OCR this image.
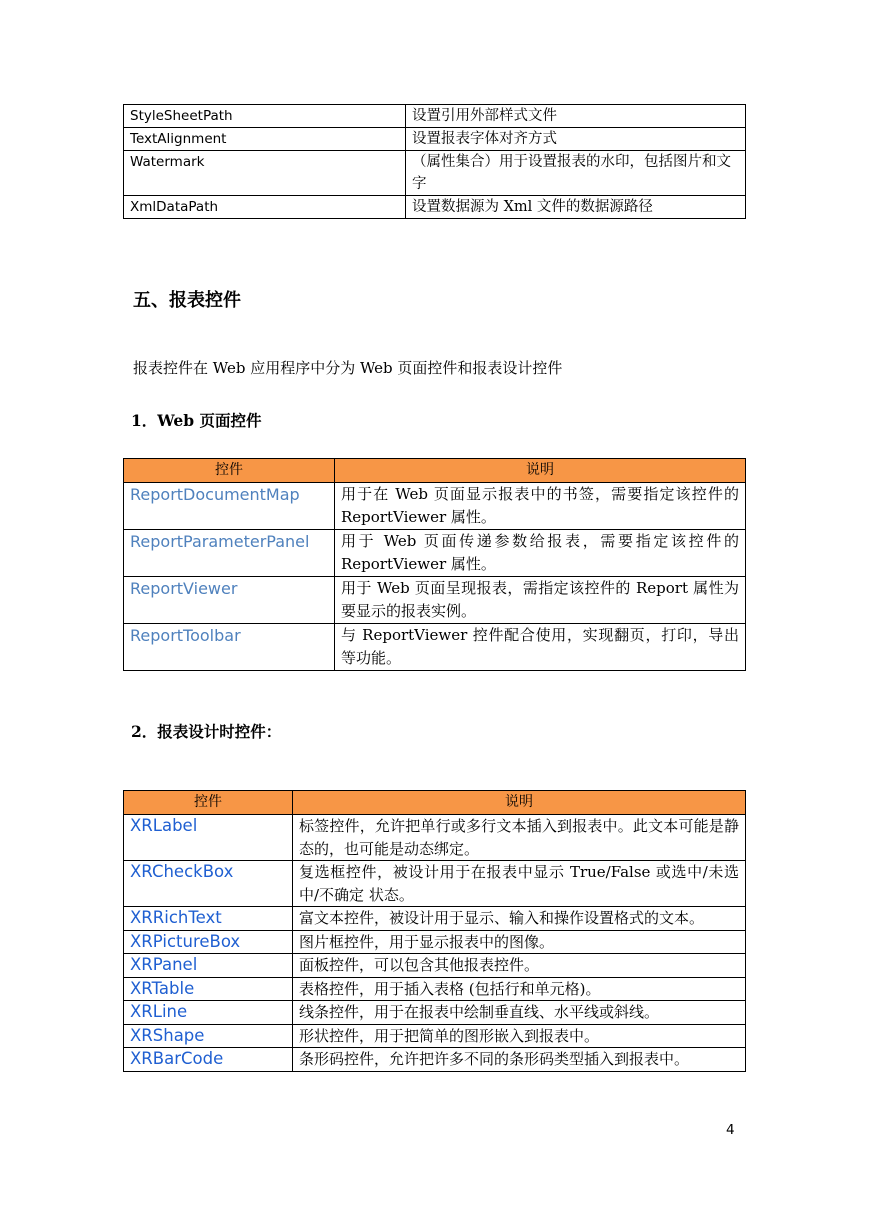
StyleSheetPath	设置引用外部样式文件
TextAlignment	设置报表字体对齐方式
Watermark	（属性集合）用于设置报表的水印，包括图片和文字
XmlDataPath	设置数据源为 Xml 文件的数据源路径
五、报表控件
报表控件在 Web 应用程序中分为 Web 页面控件和报表设计控件
1．Web 页面控件
控件	说明
ReportDocumentMap	用于在 Web 页面显示报表中的书签，需要指定该控件的 ReportViewer 属性。
ReportParameterPanel	用于 Web 页面传递参数给报表，需要指定该控件的 ReportViewer 属性。
ReportViewer	用于 Web 页面呈现报表，需指定该控件的 Report 属性为要显示的报表实例。
ReportToolbar	与 ReportViewer 控件配合使用，实现翻页，打印，导出等功能。
2．报表设计时控件：
控件	说明
XRLabel	标签控件，允许把单行或多行文本插入到报表中。此文本可能是静态的，也可能是动态绑定。
XRCheckBox	复选框控件，被设计用于在报表中显示 True/False 或选中/未选中/不确定 状态。
XRRichText	富文本控件，被设计用于显示、输入和操作设置格式的文本。
XRPictureBox	图片框控件，用于显示报表中的图像。
XRPanel	面板控件，可以包含其他报表控件。
XRTable	表格控件，用于插入表格 (包括行和单元格)。
XRLine	线条控件，用于在报表中绘制垂直线、水平线或斜线。
XRShape	形状控件，用于把简单的图形嵌入到报表中。
XRBarCode	条形码控件，允许把许多不同的条形码类型插入到报表中。
4
